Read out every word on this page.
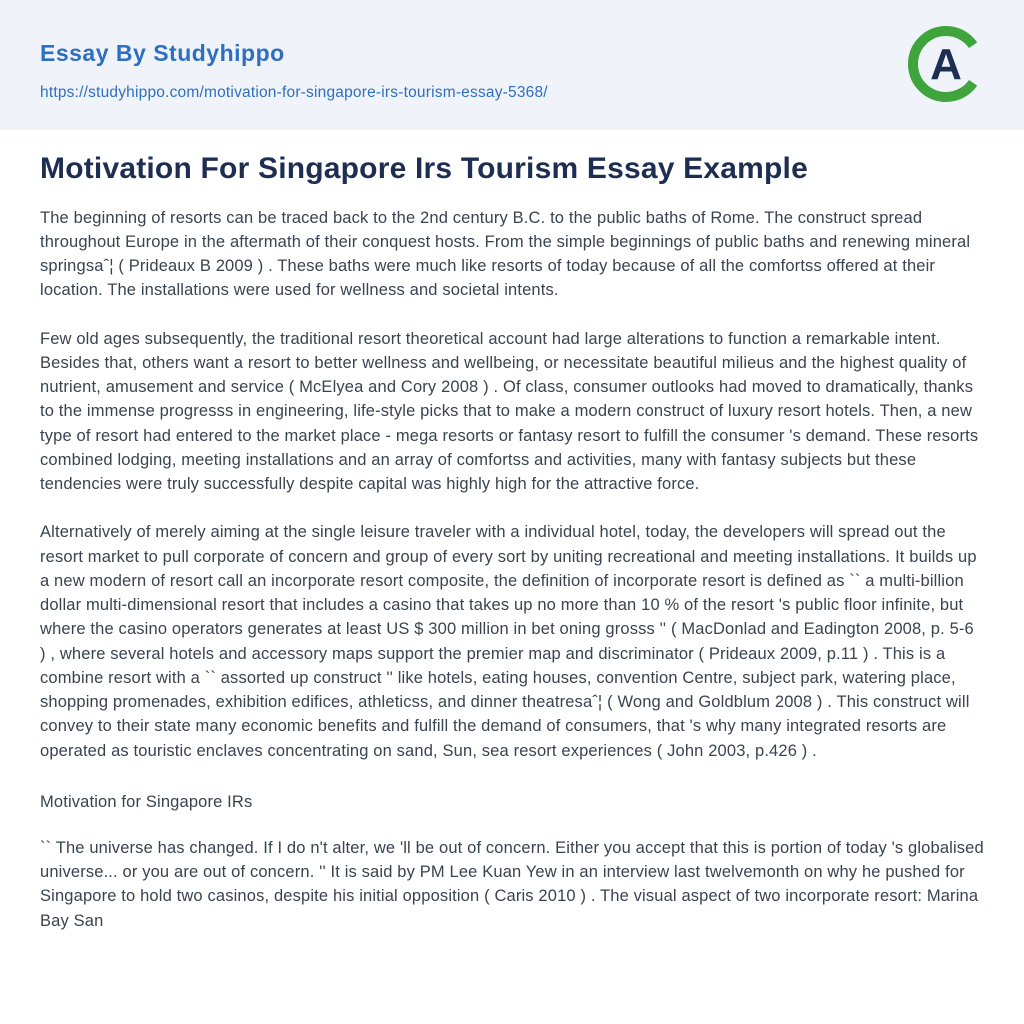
Essay By Studyhippo
https://studyhippo.com/motivation-for-singapore-irs-tourism-essay-5368/
A
Motivation For Singapore Irs Tourism Essay Example

The beginning of resorts can be traced back to the 2nd century B.C. to the public baths of Rome. The construct spread throughout Europe in the aftermath of their conquest hosts. From the simple beginnings of public baths and renewing mineral springsaˆ¦ ( Prideaux B 2009 ) . These baths were much like resorts of today because of all the comfortss offered at their location. The installations were used for wellness and societal intents.

Few old ages subsequently, the traditional resort theoretical account had large alterations to function a remarkable intent. Besides that, others want a resort to better wellness and wellbeing, or necessitate beautiful milieus and the highest quality of nutrient, amusement and service ( McElyea and Cory 2008 ) . Of class, consumer outlooks had moved to dramatically, thanks to the immense progresss in engineering, life-style picks that to make a modern construct of luxury resort hotels. Then, a new type of resort had entered to the market place - mega resorts or fantasy resort to fulfill the consumer 's demand. These resorts combined lodging, meeting installations and an array of comfortss and activities, many with fantasy subjects but these tendencies were truly successfully despite capital was highly high for the attractive force.

Alternatively of merely aiming at the single leisure traveler with a individual hotel, today, the developers will spread out the resort market to pull corporate of concern and group of every sort by uniting recreational and meeting installations. It builds up a new modern of resort call an incorporate resort composite, the definition of incorporate resort is defined as `` a multi-billion dollar multi-dimensional resort that includes a casino that takes up no more than 10 % of the resort 's public floor infinite, but where the casino operators generates at least US $ 300 million in bet oning grosss '' ( MacDonlad and Eadington 2008, p. 5-6 ) , where several hotels and accessory maps support the premier map and discriminator ( Prideaux 2009, p.11 ) . This is a combine resort with a `` assorted up construct '' like hotels, eating houses, convention Centre, subject park, watering place, shopping promenades, exhibition edifices, athleticss, and dinner theatresaˆ¦ ( Wong and Goldblum 2008 ) . This construct will convey to their state many economic benefits and fulfill the demand of consumers, that 's why many integrated resorts are operated as touristic enclaves concentrating on sand, Sun, sea resort experiences ( John 2003, p.426 ) .

Motivation for Singapore IRs

`` The universe has changed. If I do n't alter, we 'll be out of concern. Either you accept that this is portion of today 's globalised universe... or you are out of concern. '' It is said by PM Lee Kuan Yew in an interview last twelvemonth on why he pushed for Singapore to hold two casinos, despite his initial opposition ( Caris 2010 ) . The visual aspect of two incorporate resort: Marina Bay San
